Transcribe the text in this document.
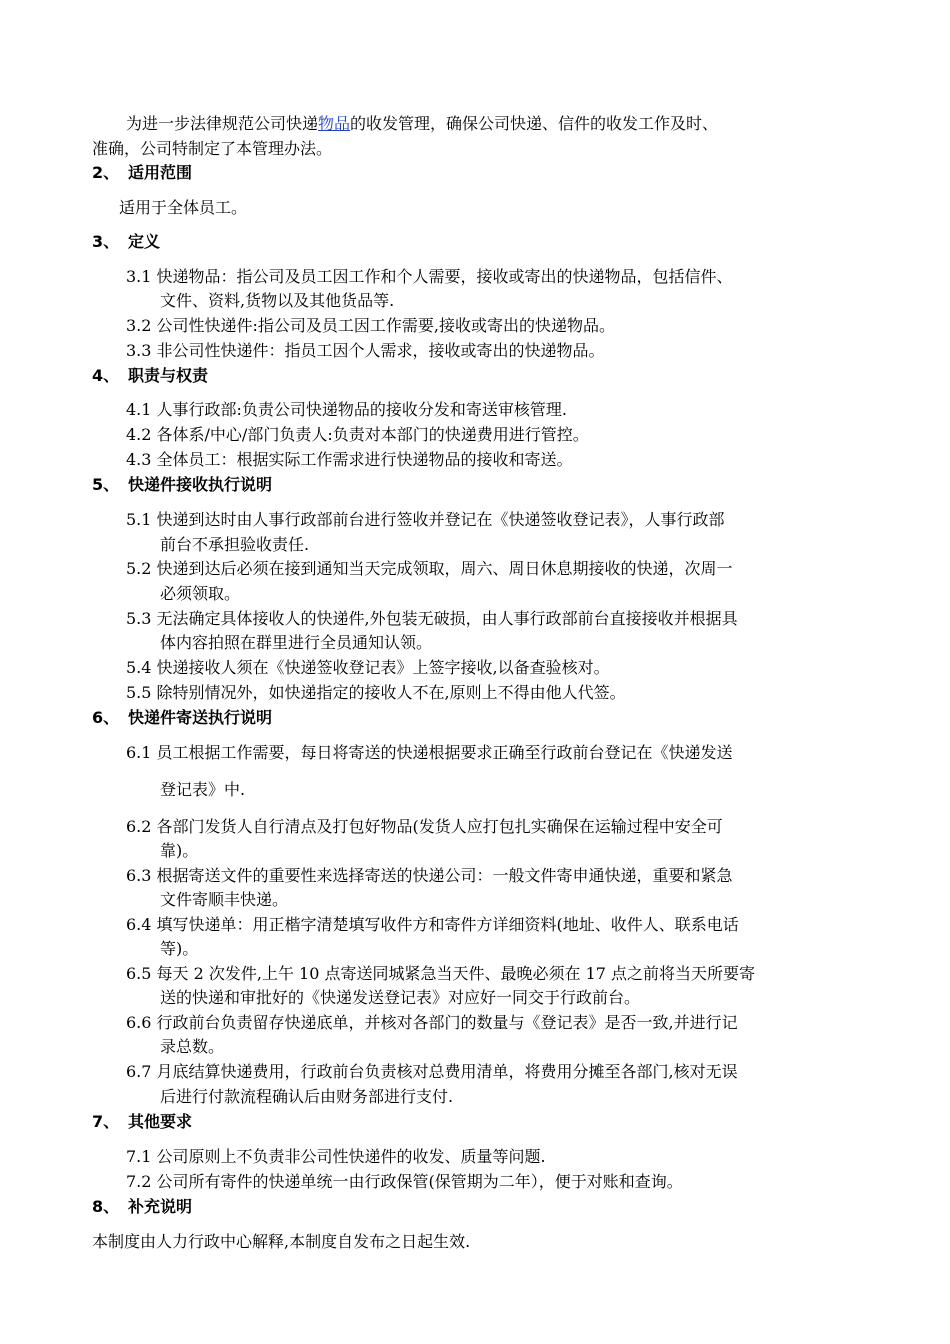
为进一步法律规范公司快递物品的收发管理，确保公司快递、信件的收发工作及时、
准确，公司特制定了本管理办法。
2、 适用范围
适用于全体员工。
3、 定义
3.1 快递物品：指公司及员工因工作和个人需要，接收或寄出的快递物品，包括信件、
文件、资料,货物以及其他货品等.
3.2 公司性快递件:指公司及员工因工作需要,接收或寄出的快递物品。
3.3 非公司性快递件：指员工因个人需求，接收或寄出的快递物品。
4、 职责与权责
4.1 人事行政部:负责公司快递物品的接收分发和寄送审核管理.
4.2 各体系/中心/部门负责人:负责对本部门的快递费用进行管控。
4.3 全体员工：根据实际工作需求进行快递物品的接收和寄送。
5、 快递件接收执行说明
5.1 快递到达时由人事行政部前台进行签收并登记在《快递签收登记表》，人事行政部
前台不承担验收责任.
5.2 快递到达后必须在接到通知当天完成领取，周六、周日休息期接收的快递，次周一
必须领取。
5.3 无法确定具体接收人的快递件,外包装无破损，由人事行政部前台直接接收并根据具
体内容拍照在群里进行全员通知认领。
5.4 快递接收人须在《快递签收登记表》上签字接收,以备查验核对。
5.5 除特别情况外，如快递指定的接收人不在,原则上不得由他人代签。
6、 快递件寄送执行说明
6.1 员工根据工作需要，每日将寄送的快递根据要求正确至行政前台登记在《快递发送
登记表》中.
6.2 各部门发货人自行清点及打包好物品(发货人应打包扎实确保在运输过程中安全可
靠)。
6.3 根据寄送文件的重要性来选择寄送的快递公司：一般文件寄申通快递，重要和紧急
文件寄顺丰快递。
6.4 填写快递单：用正楷字清楚填写收件方和寄件方详细资料(地址、收件人、联系电话
等)。
6.5 每天 2 次发件,上午 10 点寄送同城紧急当天件、最晚必须在 17 点之前将当天所要寄
送的快递和审批好的《快递发送登记表》对应好一同交于行政前台。
6.6 行政前台负责留存快递底单，并核对各部门的数量与《登记表》是否一致,并进行记
录总数。
6.7 月底结算快递费用，行政前台负责核对总费用清单，将费用分摊至各部门,核对无误
后进行付款流程确认后由财务部进行支付.
7、 其他要求
7.1 公司原则上不负责非公司性快递件的收发、质量等问题.
7.2 公司所有寄件的快递单统一由行政保管(保管期为二年），便于对账和查询。
8、 补充说明
本制度由人力行政中心解释,本制度自发布之日起生效.
